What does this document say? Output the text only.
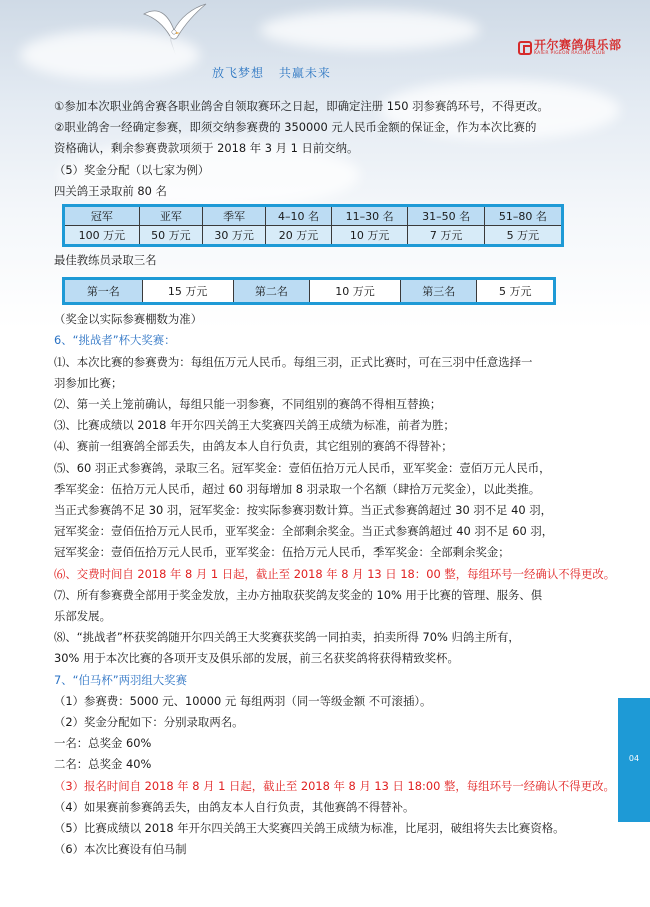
开尔赛鸽俱乐部
KAIER PIGEON RACING CLUB
放飞梦想 共赢未来
①参加本次职业鸽舍赛各职业鸽舍自领取赛环之日起，即确定注册 150 羽参赛鸽环号，不得更改。
②职业鸽舍一经确定参赛，即须交纳参赛费的 350000 元人民币金额的保证金，作为本次比赛的
资格确认，剩余参赛费款项须于 2018 年 3 月 1 日前交纳。
（5）奖金分配（以七家为例）
四关鸽王录取前 80 名
冠军	亚军	季军	4–10 名	11–30 名	31–50 名	51–80 名
100 万元	50 万元	30 万元	20 万元	10 万元	7 万元	5 万元
最佳教练员录取三名
第一名	15 万元	第二名	10 万元	第三名	5 万元
（奖金以实际参赛棚数为准）
6、“挑战者”杯大奖赛：
⑴、本次比赛的参赛费为：每组伍万元人民币。每组三羽，正式比赛时，可在三羽中任意选择一
羽参加比赛；
⑵、第一关上笼前确认，每组只能一羽参赛，不同组别的赛鸽不得相互替换；
⑶、比赛成绩以 2018 年开尔四关鸽王大奖赛四关鸽王成绩为标准，前者为胜；
⑷、赛前一组赛鸽全部丢失，由鸽友本人自行负责，其它组别的赛鸽不得替补；
⑸、60 羽正式参赛鸽，录取三名。冠军奖金：壹佰伍拾万元人民币，亚军奖金：壹佰万元人民币，
季军奖金：伍拾万元人民币，超过 60 羽每增加 8 羽录取一个名额（肆拾万元奖金），以此类推。
当正式参赛鸽不足 30 羽，冠军奖金：按实际参赛羽数计算。当正式参赛鸽超过 30 羽不足 40 羽，
冠军奖金：壹佰伍拾万元人民币，亚军奖金：全部剩余奖金。当正式参赛鸽超过 40 羽不足 60 羽，
冠军奖金：壹佰伍拾万元人民币，亚军奖金：伍拾万元人民币，季军奖金：全部剩余奖金；
⑹、交费时间自 2018 年 8 月 1 日起，截止至 2018 年 8 月 13 日 18：00 整，每组环号一经确认不得更改。
⑺、所有参赛费全部用于奖金发放，主办方抽取获奖鸽友奖金的 10% 用于比赛的管理、服务、俱
乐部发展。
⑻、“挑战者”杯获奖鸽随开尔四关鸽王大奖赛获奖鸽一同拍卖，拍卖所得 70% 归鸽主所有，
30% 用于本次比赛的各项开支及俱乐部的发展，前三名获奖鸽将获得精致奖杯。
7、“伯马杯”两羽组大奖赛
（1）参赛费：5000 元、10000 元 每组两羽（同一等级金额 不可滚插）。
（2）奖金分配如下：分别录取两名。
一名：总奖金 60%
二名：总奖金 40%
（3）报名时间自 2018 年 8 月 1 日起，截止至 2018 年 8 月 13 日 18:00 整，每组环号一经确认不得更改。
（4）如果赛前参赛鸽丢失，由鸽友本人自行负责，其他赛鸽不得替补。
（5）比赛成绩以 2018 年开尔四关鸽王大奖赛四关鸽王成绩为标准，比尾羽，破组将失去比赛资格。
（6）本次比赛设有伯马制
04
